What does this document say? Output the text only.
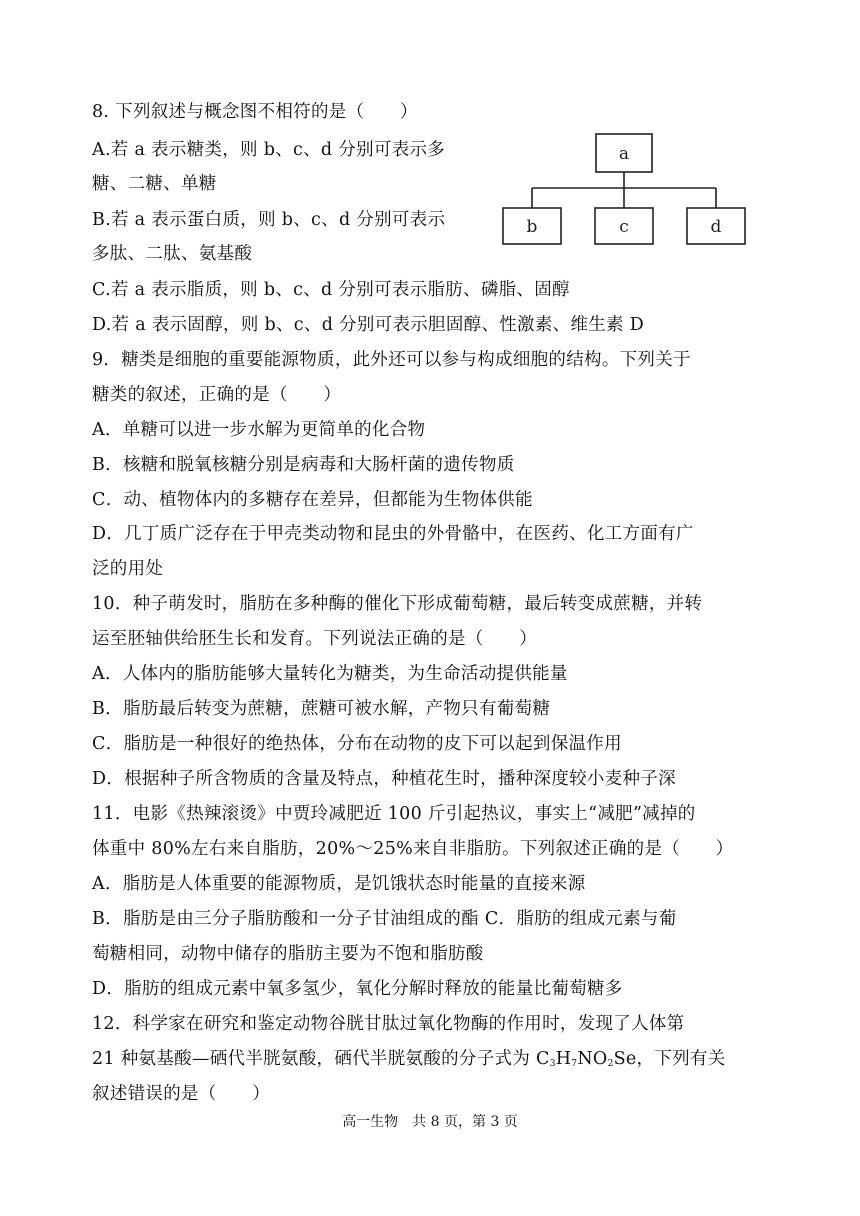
8. 下列叙述与概念图不相符的是（　　）
A.若 a 表示糖类，则 b、c、d 分别可表示多
糖、二糖、单糖
B.若 a 表示蛋白质，则 b、c、d 分别可表示
多肽、二肽、氨基酸
C.若 a 表示脂质，则 b、c、d 分别可表示脂肪、磷脂、固醇
D.若 a 表示固醇，则 b、c、d 分别可表示胆固醇、性激素、维生素 D
a
b	c	d
9．糖类是细胞的重要能源物质，此外还可以参与构成细胞的结构。下列关于
糖类的叙述，正确的是（　　）
A．单糖可以进一步水解为更简单的化合物
B．核糖和脱氧核糖分别是病毒和大肠杆菌的遗传物质
C．动、植物体内的多糖存在差异，但都能为生物体供能
D．几丁质广泛存在于甲壳类动物和昆虫的外骨骼中，在医药、化工方面有广
泛的用处
10．种子萌发时，脂肪在多种酶的催化下形成葡萄糖，最后转变成蔗糖，并转
运至胚轴供给胚生长和发育。下列说法正确的是（　　）
A．人体内的脂肪能够大量转化为糖类，为生命活动提供能量
B．脂肪最后转变为蔗糖，蔗糖可被水解，产物只有葡萄糖
C．脂肪是一种很好的绝热体，分布在动物的皮下可以起到保温作用
D．根据种子所含物质的含量及特点，种植花生时，播种深度较小麦种子深
11．电影《热辣滚烫》中贾玲减肥近 100 斤引起热议，事实上“减肥”减掉的
体重中 80%左右来自脂肪，20%～25%来自非脂肪。下列叙述正确的是（　　）
A．脂肪是人体重要的能源物质，是饥饿状态时能量的直接来源
B．脂肪是由三分子脂肪酸和一分子甘油组成的酯 C．脂肪的组成元素与葡
萄糖相同，动物中储存的脂肪主要为不饱和脂肪酸
D．脂肪的组成元素中氧多氢少，氧化分解时释放的能量比葡萄糖多
12．科学家在研究和鉴定动物谷胱甘肽过氧化物酶的作用时，发现了人体第
21 种氨基酸—硒代半胱氨酸，硒代半胱氨酸的分子式为 $C_3H_7NO_2Se$，下列有关
叙述错误的是（　　）
高一生物　共 8 页，第 3 页
